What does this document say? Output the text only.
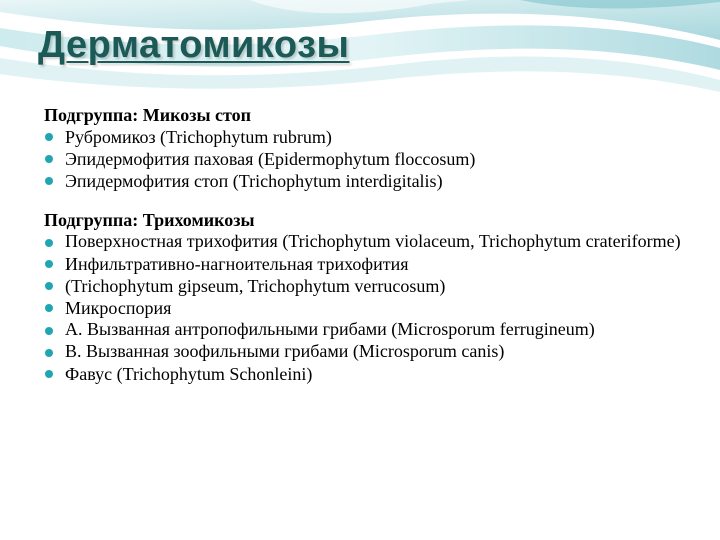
Дерматомикозы

Подгруппа: Микозы стоп

Рубромикоз (Trichophytum rubrum)
Эпидермофития паховая (Epidermophytum floccosum)
Эпидермофития стоп (Trichophytum interdigitalis)

Подгруппа: Трихомикозы

Поверхностная трихофития (Trichophytum violaceum, Trichophytum crateriforme)
Инфильтративно-нагноительная трихофития
(Trichophytum gipseum, Trichophytum verrucosum)
Микроспория
А. Вызванная антропофильными грибами (Microsporum ferrugineum)
В. Вызванная зоофильными грибами (Microsporum canis)
Фавус (Trichophytum Schonleini)
